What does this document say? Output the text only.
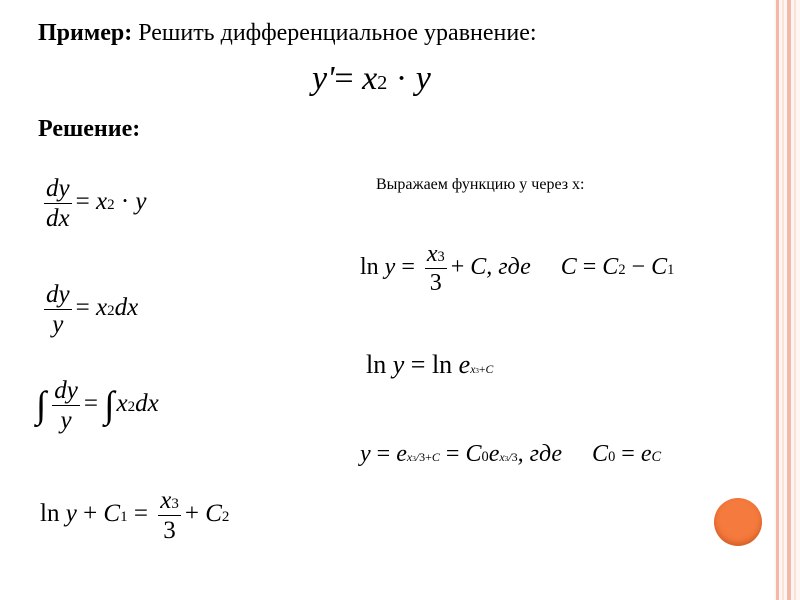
Пример: Решить дифференциальное уравнение:
$y'= x^2 \cdot y$
Решение:
Выражаем функцию у через х:
$\frac{dy}{dx} = x^2 \cdot y$
$\frac{dy}{y} = x^2dx$
∫ $\frac{dy}{y} = \int x^2dx$
$\ln y + C_1 = \frac{x^3}{3} + C_2$
$\ln y = \frac{x^3}{3} + C$, где     $C = C_2 - C_1$
$\ln y = \ln e^{x^3+C}$
$y = e^{x^3/3+C} = C_0e^{x^3/3}$, где     $C_0 = e^C$
